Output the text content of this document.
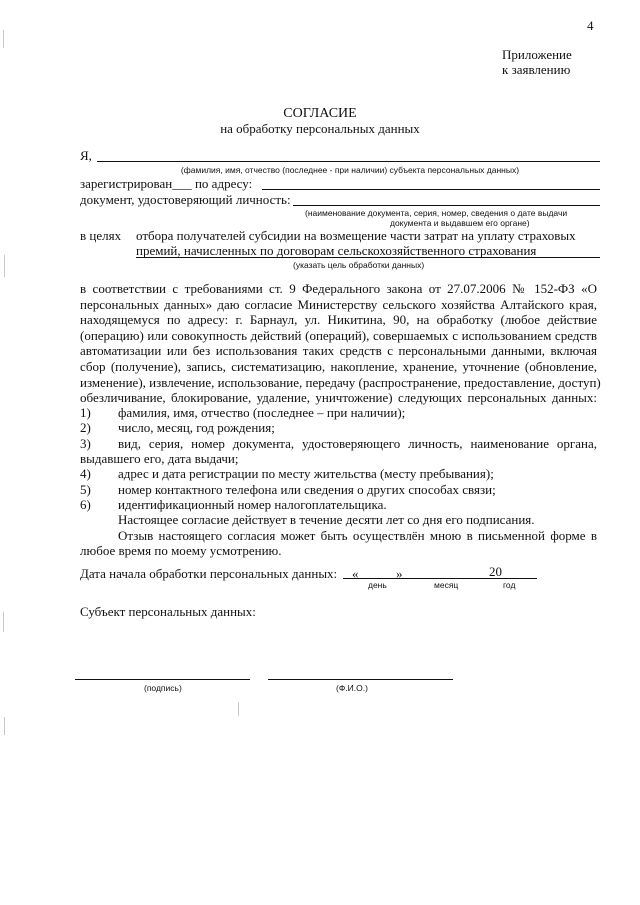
4
Приложение
к заявлению
СОГЛАСИЕ
на обработку персональных данных
Я,
(фамилия, имя, отчество (последнее - при наличии) субъекта персональных данных)
зарегистрирован___ по адресу:
документ, удостоверяющий личность:
(наименование документа, серия, номер, сведения о дате выдачи
документа и выдавшем его органе)
в целях отбора получателей субсидии на возмещение части затрат на уплату страховых
премий, начисленных по договорам сельскохозяйственного страхования
(указать цель обработки данных)
в соответствии с требованиями ст. 9 Федерального закона от 27.07.2006 № 152-ФЗ «О
персональных данных» даю согласие Министерству сельского хозяйства Алтайского края,
находящемуся по адресу: г. Барнаул, ул. Никитина, 90, на обработку (любое действие
(операцию) или совокупность действий (операций), совершаемых с использованием средств
автоматизации или без использования таких средств с персональными данными, включая
сбор (получение), запись, систематизацию, накопление, хранение, уточнение (обновление,
изменение), извлечение, использование, передачу (распространение, предоставление, доступ)
обезличивание, блокирование, удаление, уничтожение) следующих персональных данных:
1) фамилия, имя, отчество (последнее – при наличии);
2) число, месяц, год рождения;
3) вид, серия, номер документа, удостоверяющего личность, наименование органа,
выдавшего его, дата выдачи;
4) адрес и дата регистрации по месту жительства (месту пребывания);
5) номер контактного телефона или сведения о других способах связи;
6) идентификационный номер налогоплательщика.
Настоящее согласие действует в течение десяти лет со дня его подписания.
Отзыв настоящего согласия может быть осуществлён мною в письменной форме в
любое время по моему усмотрению.
Дата начала обработки персональных данных: «	»	20
день	месяц	год
Субъект персональных данных:
(подпись)	(Ф.И.О.)
